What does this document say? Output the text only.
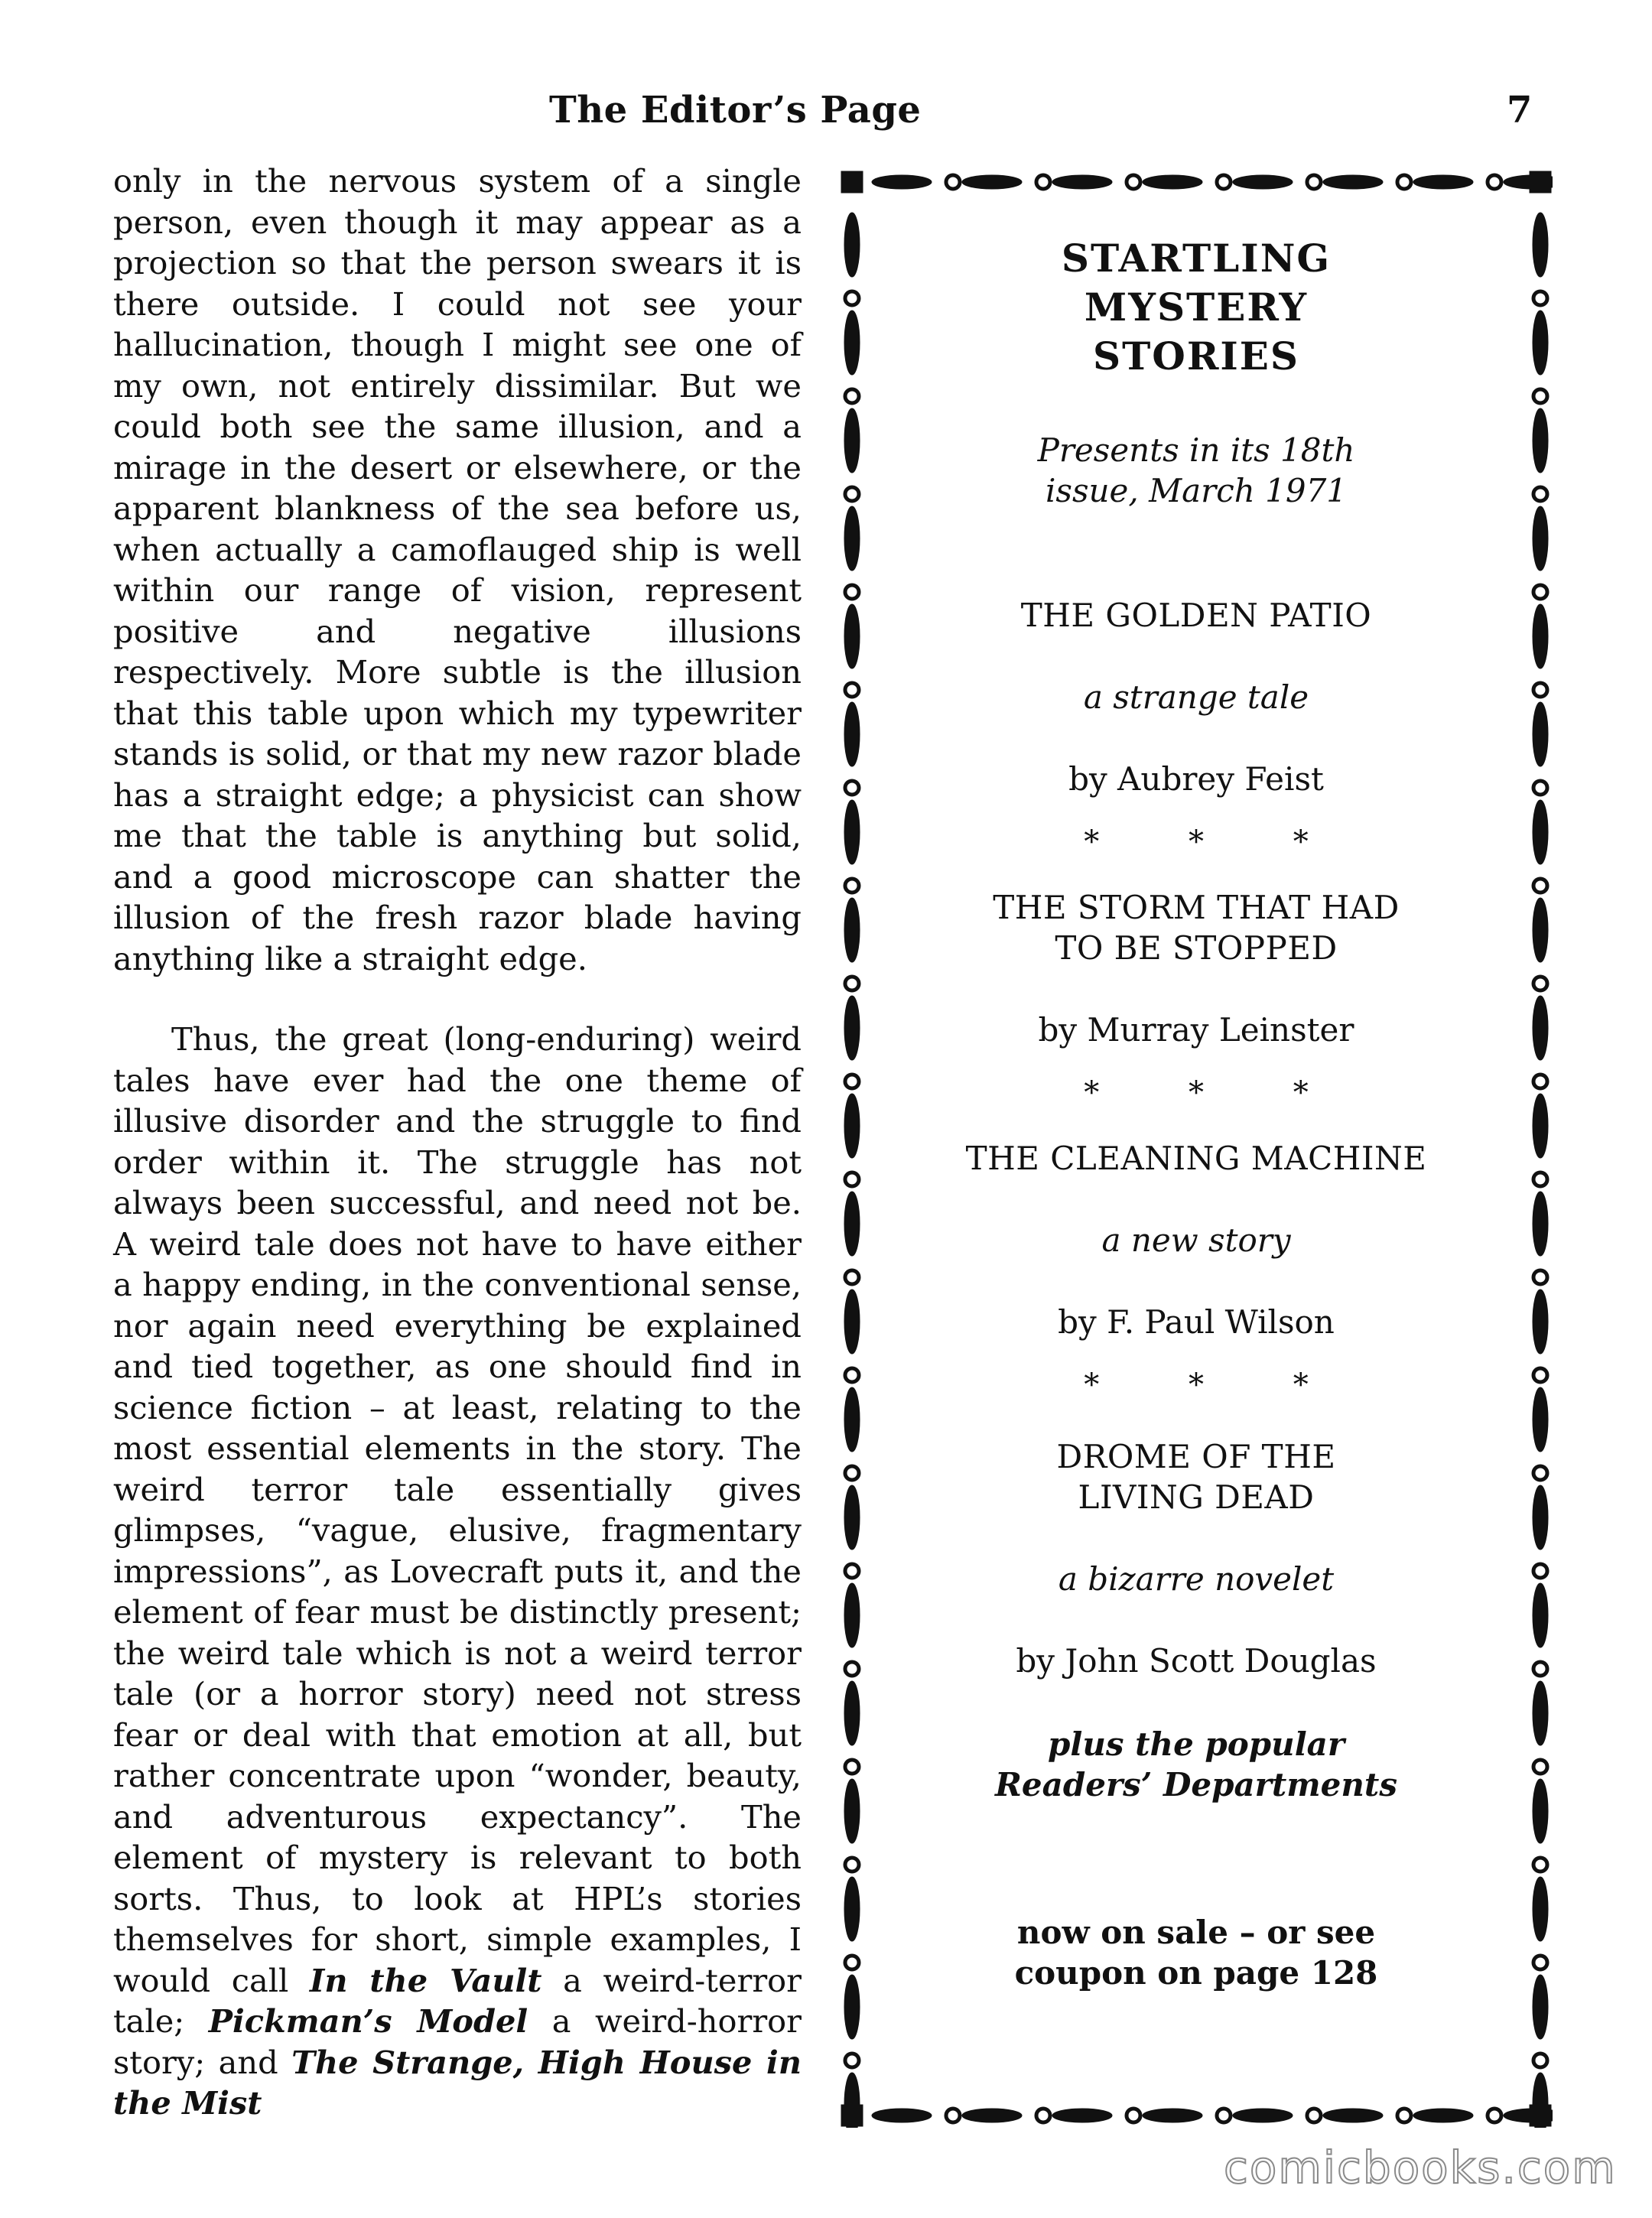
The Editor’s Page	7

only in the nervous system of a single person, even though it may appear as a projection so that the person swears it is there outside. I could not see your hallucination, though I might see one of my own, not entirely dissimilar. But we could both see the same illusion, and a mirage in the desert or elsewhere, or the apparent blankness of the sea before us, when actually a camoflauged ship is well within our range of vision, represent positive and negative illusions respectively. More subtle is the illusion that this table upon which my typewriter stands is solid, or that my new razor blade has a straight edge; a physicist can show me that the table is anything but solid, and a good microscope can shatter the illusion of the fresh razor blade having anything like a straight edge.

Thus, the great (long-enduring) weird tales have ever had the one theme of illusive disorder and the struggle to find order within it. The struggle has not always been successful, and need not be. A weird tale does not have to have either a happy ending, in the conventional sense, nor again need everything be explained and tied together, as one should find in science fiction – at least, relating to the most essential elements in the story. The weird terror tale essentially gives glimpses, “vague, elusive, fragmentary impressions”, as Lovecraft puts it, and the element of fear must be distinctly present; the weird tale which is not a weird terror tale (or a horror story) need not stress fear or deal with that emotion at all, but rather concentrate upon “wonder, beauty, and adventurous expectancy”. The element of mystery is relevant to both sorts. Thus, to look at HPL’s stories themselves for short, simple examples, I would call In the Vault a weird-terror tale; Pickman’s Model a weird-horror story; and The Strange, High House in the Mist

STARTLING
MYSTERY
STORIES
Presents in its 18th
issue, March 1971
THE GOLDEN PATIO
a strange tale
by Aubrey Feist
* * *
THE STORM THAT HAD
TO BE STOPPED
by Murray Leinster
* * *
THE CLEANING MACHINE
a new story
by F. Paul Wilson
* * *
DROME OF THE
LIVING DEAD
a bizarre novelet
by John Scott Douglas
plus the popular
Readers’ Departments
now on sale – or see
coupon on page 128
comicbooks.com
